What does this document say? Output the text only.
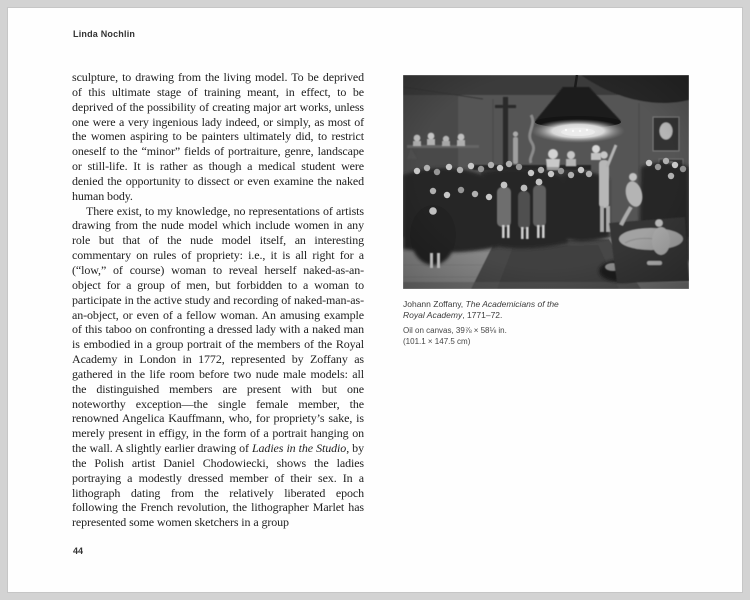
Linda Nochlin

sculpture, to drawing from the living model. To be deprived of this ultimate stage of training meant, in effect, to be deprived of the possibility of creating major art works, unless one were a very ingenious lady indeed, or simply, as most of the women aspiring to be painters ultimately did, to restrict oneself to the “minor” fields of portraiture, genre, landscape or still-life. It is rather as though a medical student were denied the opportunity to dissect or even examine the naked human body.

There exist, to my knowledge, no representations of artists drawing from the nude model which include women in any role but that of the nude model itself, an interesting commentary on rules of propriety: i.e., it is all right for a (“low,” of course) woman to reveal herself naked-as-an-object for a group of men, but forbidden to a woman to participate in the active study and recording of naked-man-as-an-object, or even of a fellow woman. An amusing example of this taboo on confronting a dressed lady with a naked man is embodied in a group portrait of the members of the Royal Academy in London in 1772, represented by Zoffany as gathered in the life room before two nude male models: all the distinguished members are present with but one noteworthy exception—the single female member, the renowned Angelica Kauffmann, who, for propriety’s sake, is merely present in effigy, in the form of a portrait hanging on the wall. A slightly earlier drawing of Ladies in the Studio, by the Polish artist Daniel Chodowiecki, shows the ladies portraying a modestly dressed member of their sex. In a lithograph dating from the relatively liberated epoch following the French revolution, the lithographer Marlet has represented some women sketchers in a group

Johann Zoffany, The Academicians of the Royal Academy, 1771–72.

Oil on canvas, 39⅞ × 58⅛ in.

(101.1 × 147.5 cm)

44
